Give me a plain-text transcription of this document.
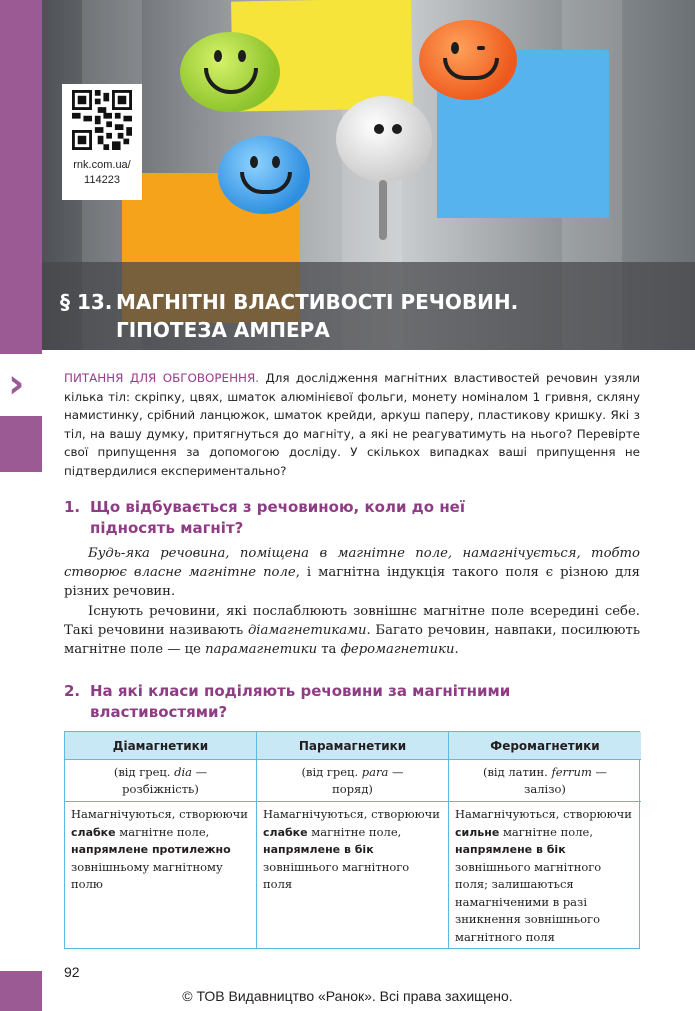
›
rnk.com.ua/
114223
§ 13. МАГНІТНІ ВЛАСТИВОСТІ РЕЧОВИН.
ГІПОТЕЗА АМПЕРА
ПИТАННЯ ДЛЯ ОБГОВОРЕННЯ. Для дослідження магнітних властивостей речовин узяли кілька тіл: скріпку, цвях, шматок алюмінієвої фольги, монету номіналом 1 гривня, скляну намистинку, срібний ланцюжок, шматок крейди, аркуш паперу, пластикову кришку. Які з тіл, на вашу думку, притягнуться до магніту, а які не реагуватимуть на нього? Перевірте свої припущення за допомогою досліду. У скількох випадках ваші припущення не підтвердилися експериментально?
1. Що відбувається з речовиною, коли до неї
підносять магніт?
Будь-яка речовина, поміщена в магнітне поле, намагнічується, тобто створює власне магнітне поле, і магнітна індукція такого поля є різною для різних речовин.
Існують речовини, які послаблюють зовнішнє магнітне поле всередині себе. Такі речовини називають діамагнетиками. Багато речовин, навпаки, посилюють магнітне поле — це парамагнетики та феромагнетики.
2. На які класи поділяють речовини за магнітними
властивостями?
Діамагнетики
(від грец. dia —
розбіжність)
Намагнічуються, створюючи слабке магнітне поле, напрямлене протилежно зовнішньому магнітному полю
Парамагнетики
(від грец. para —
поряд)
Намагнічуються, створюючи слабке магнітне поле, напрямлене в бік зовнішнього магнітного поля
Феромагнетики
(від латин. ferrum —
залізо)
Намагнічуються, створюючи сильне магнітне поле, напрямлене в бік зовнішнього магнітного поля; залишаються намагніченими в разі зникнення зовнішнього магнітного поля
92
© ТОВ Видавництво «Ранок». Всі права захищено.
